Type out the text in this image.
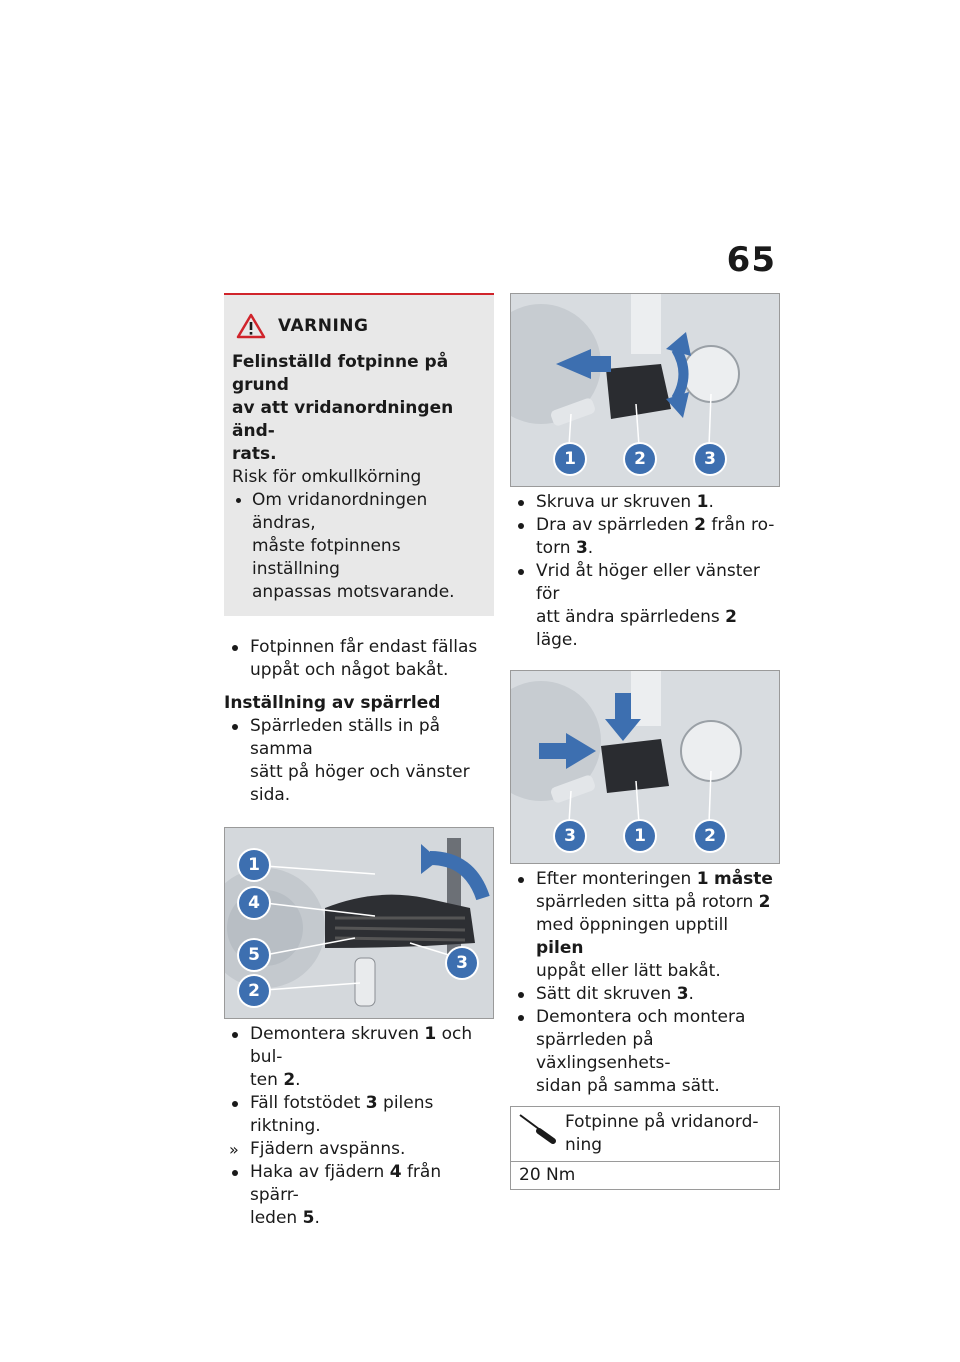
65
VARNING
Felinställd fotpinne på grund
av att vridanordningen änd-
rats.
Risk för omkullkörning
Om vridanordningen ändras,
måste fotpinnens inställning
anpassas motsvarande.
Fotpinnen får endast fällas
uppåt och något bakåt.
Inställning av spärrled
Spärrleden ställs in på samma
sätt på höger och vänster
sida.
1
4
5
2
3
Demontera skruven 1 och bul-
ten 2.
Fäll fotstödet 3 pilens riktning.
» Fjädern avspänns.
Haka av fjädern 4 från spärr-
leden 5.
1	2	3
Skruva ur skruven 1.
Dra av spärrleden 2 från ro-
torn 3.
Vrid åt höger eller vänster för
att ändra spärrledens 2 läge.
3	1	2
Efter monteringen 1 måste
spärrleden sitta på rotorn 2
med öppningen upptill pilen
uppåt eller lätt bakåt.
Sätt dit skruven 3.
Demontera och montera
spärrleden på växlingsenhets-
sidan på samma sätt.
Fotpinne på vridanord-
ning
20 Nm
